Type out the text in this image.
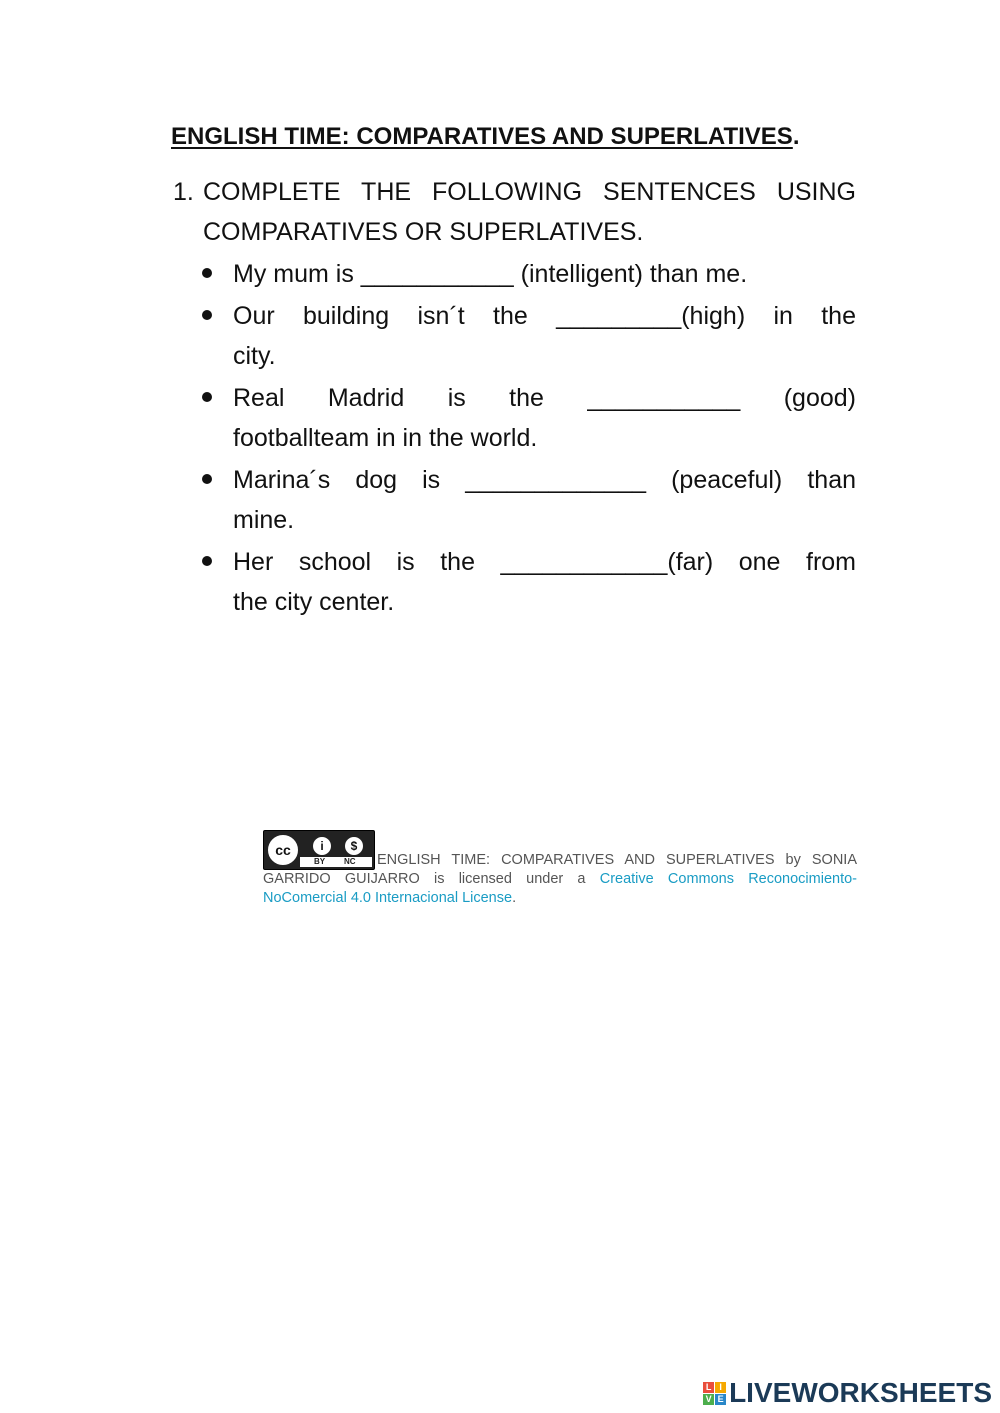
ENGLISH TIME: COMPARATIVES AND SUPERLATIVES.
1. COMPLETE THE FOLLOWING SENTENCES USING
COMPARATIVES OR SUPERLATIVES.
My mum is ___________ (intelligent) than me.
Our building isn´t the _________(high) in the
city.
Real Madrid is the ___________ (good)
footballteam in in the world.
Marina´s dog is _____________ (peaceful) than
mine.
Her school is the ____________(far) one from
the city center.
cc	i	$
BY NC ENGLISH TIME: COMPARATIVES AND SUPERLATIVES by SONIA
GARRIDO GUIJARRO is licensed under a Creative Commons Reconocimiento-
NoComercial 4.0 Internacional License.
L I
V E LIVEWORKSHEETS
